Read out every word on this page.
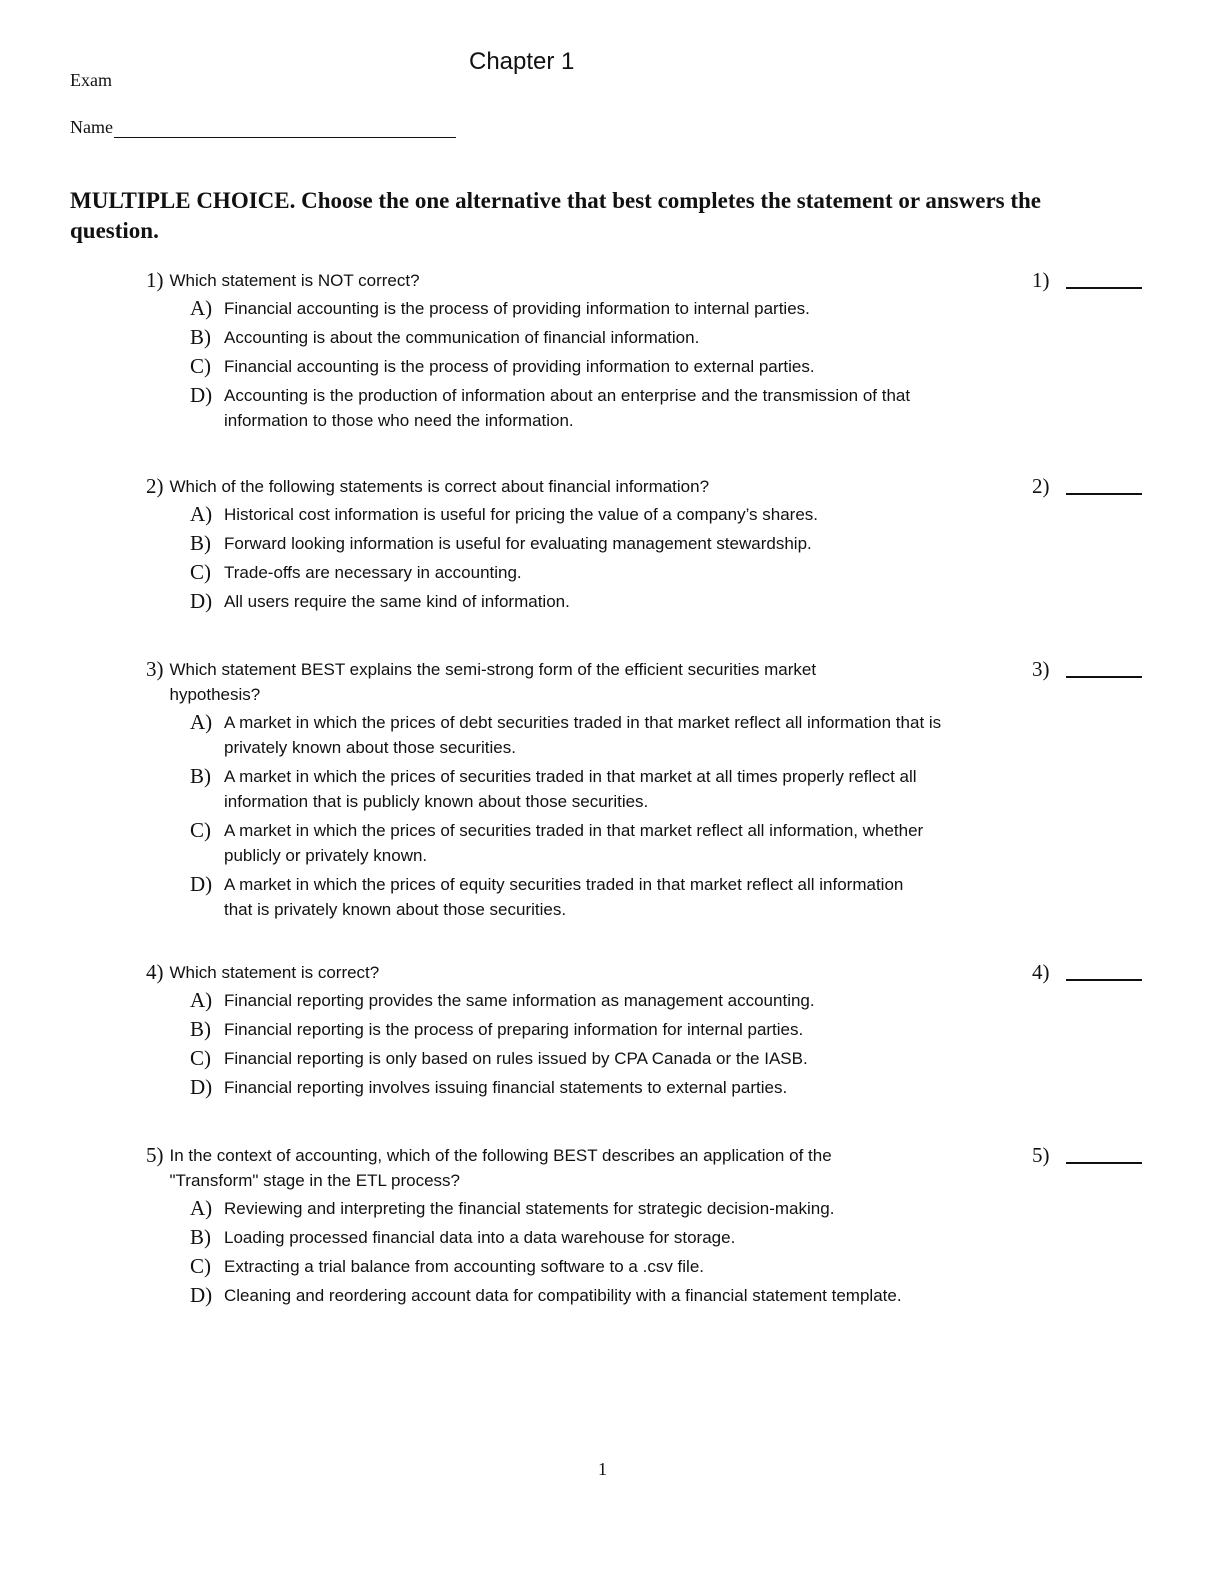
Chapter 1
Exam
Name
MULTIPLE CHOICE. Choose the one alternative that best completes the statement or answers the question.
1) Which statement is NOT correct?
A) Financial accounting is the process of providing information to internal parties.
B) Accounting is about the communication of financial information.
C) Financial accounting is the process of providing information to external parties.
D) Accounting is the production of information about an enterprise and the transmission of that information to those who need the information.
1)
2) Which of the following statements is correct about financial information?
A) Historical cost information is useful for pricing the value of a company’s shares.
B) Forward looking information is useful for evaluating management stewardship.
C) Trade-offs are necessary in accounting.
D) All users require the same kind of information.
2)
3) Which statement BEST explains the semi-strong form of the efficient securities market hypothesis?
A) A market in which the prices of debt securities traded in that market reflect all information that is privately known about those securities.
B) A market in which the prices of securities traded in that market at all times properly reflect all information that is publicly known about those securities.
C) A market in which the prices of securities traded in that market reflect all information, whether publicly or privately known.
D) A market in which the prices of equity securities traded in that market reflect all information that is privately known about those securities.
3)
4) Which statement is correct?
A) Financial reporting provides the same information as management accounting.
B) Financial reporting is the process of preparing information for internal parties.
C) Financial reporting is only based on rules issued by CPA Canada or the IASB.
D) Financial reporting involves issuing financial statements to external parties.
4)
5) In the context of accounting, which of the following BEST describes an application of the "Transform" stage in the ETL process?
A) Reviewing and interpreting the financial statements for strategic decision-making.
B) Loading processed financial data into a data warehouse for storage.
C) Extracting a trial balance from accounting software to a .csv file.
D) Cleaning and reordering account data for compatibility with a financial statement template.
5)
1
